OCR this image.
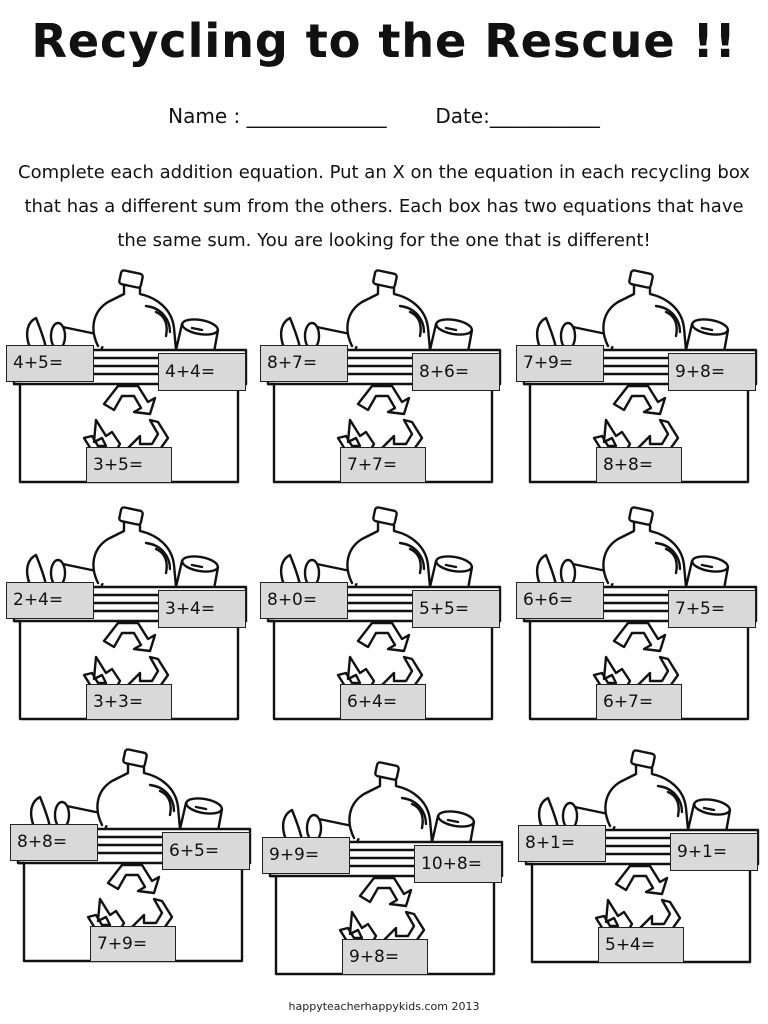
Recycling to the Rescue !!
Name : ______________ Date:___________
Complete each addition equation. Put an X on the equation in each recycling box
that has a different sum from the others. Each box has two equations that have
the same sum. You are looking for the one that is different!
4+5=	4+4=
3+5=
8+7=	8+6=
7+7=
7+9=	9+8=
8+8=
2+4=	3+4=
3+3=
8+0=	5+5=
6+4=
6+6=	7+5=
6+7=
8+8=	6+5=
7+9=
9+9=	10+8=
9+8=
8+1=	9+1=
5+4=
happyteacherhappykids.com 2013
